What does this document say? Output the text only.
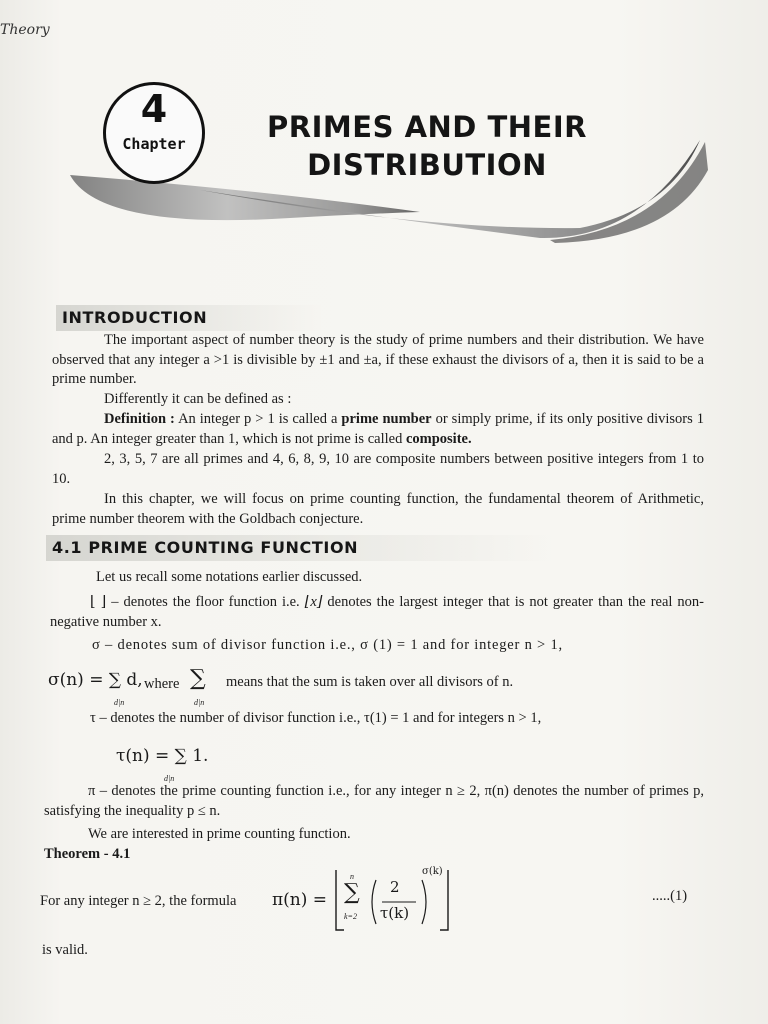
Theory
4
Chapter	PRIMES AND THEIR
DISTRIBUTION
INTRODUCTION
The important aspect of number theory is the study of prime numbers and their distribution. We have observed that any integer a >1 is divisible by ±1 and ±a, if these exhaust the divisors of a, then it is said to be a prime number.
Differently it can be defined as :
Definition : An integer p > 1 is called a prime number or simply prime, if its only positive divisors 1 and p. An integer greater than 1, which is not prime is called composite.
2, 3, 5, 7 are all primes and 4, 6, 8, 9, 10 are composite numbers between positive integers from 1 to 10.
In this chapter, we will focus on prime counting function, the fundamental theorem of Arithmetic, prime number theorem with the Goldbach conjecture.
4.1 PRIME COUNTING FUNCTION
Let us recall some notations earlier discussed.
⌊ ⌋ – denotes the floor function i.e. ⌊x⌋ denotes the largest integer that is not greater than the real non-negative number x.
σ – denotes sum of divisor function i.e., σ (1) = 1 and for integer n > 1,
σ(n) = ∑ d,
d|n
where ∑
d|n
means that the sum is taken over all divisors of n.
τ – denotes the number of divisor function i.e., τ(1) = 1 and for integers n > 1,
τ(n) = ∑ 1.
d|n
π – denotes the prime counting function i.e., for any integer n ≥ 2, π(n) denotes the number of primes p, satisfying the inequality p ≤ n.
We are interested in prime counting function.
Theorem - 4.1
For any integer n ≥ 2, the formula π(n) =
n
∑
k=2
2
τ(k)
σ(k)
.....(1)
is valid.
